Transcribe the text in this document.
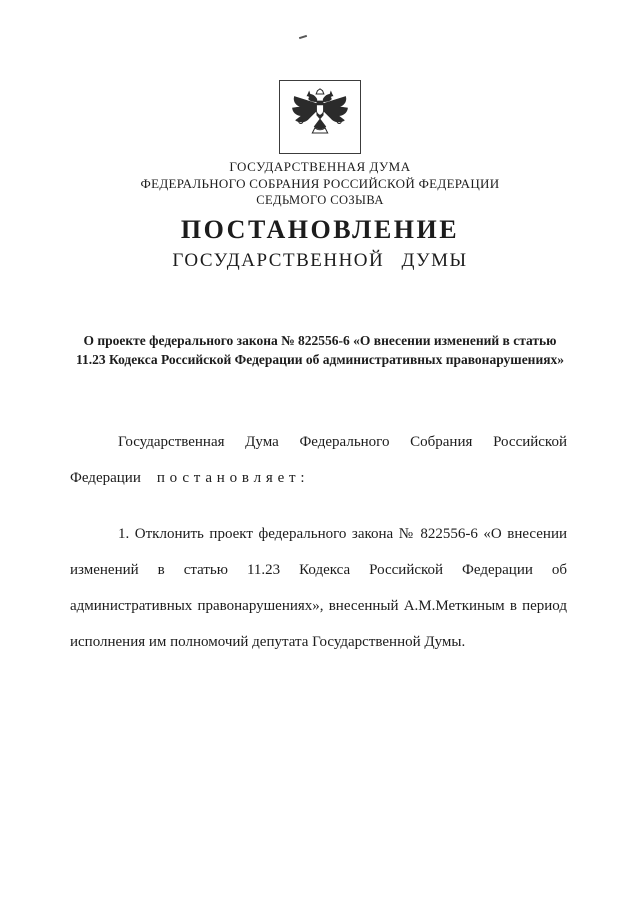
ГОСУДАРСТВЕННАЯ ДУМА
ФЕДЕРАЛЬНОГО СОБРАНИЯ РОССИЙСКОЙ ФЕДЕРАЦИИ
СЕДЬМОГО СОЗЫВА
ПОСТАНОВЛЕНИЕ
ГОСУДАРСТВЕННОЙ ДУМЫ
О проекте федерального закона № 822556-6 «О внесении изменений в статью 11.23 Кодекса Российской Федерации об административных правонарушениях»

Государственная Дума Федерального Собрания Российской Федерации постановляет:

1. Отклонить проект федерального закона № 822556-6 «О внесении изменений в статью 11.23 Кодекса Российской Федерации об административных правонарушениях», внесенный А.М.Меткиным в период исполнения им полномочий депутата Государственной Думы.
